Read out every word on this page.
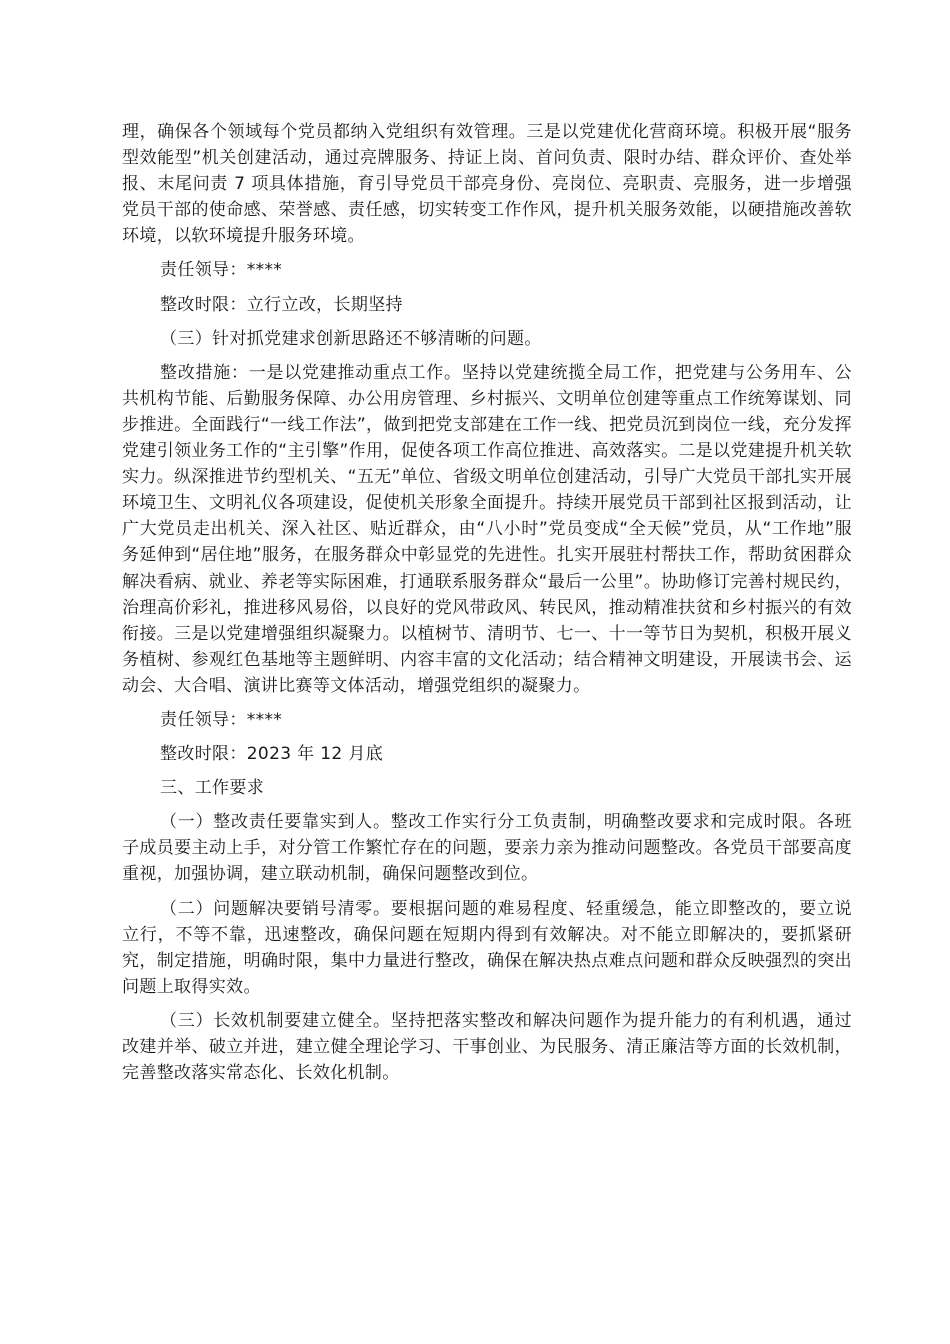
理，确保各个领域每个党员都纳入党组织有效管理。三是以党建优化营商环境。积极开展“服务型效能型”机关创建活动，通过亮牌服务、持证上岗、首问负责、限时办结、群众评价、查处举报、末尾问责 7 项具体措施，育引导党员干部亮身份、亮岗位、亮职责、亮服务，进一步增强党员干部的使命感、荣誉感、责任感，切实转变工作作风，提升机关服务效能，以硬措施改善软环境，以软环境提升服务环境。

责任领导：****

整改时限：立行立改，长期坚持

（三）针对抓党建求创新思路还不够清晰的问题。

整改措施：一是以党建推动重点工作。坚持以党建统揽全局工作，把党建与公务用车、公共机构节能、后勤服务保障、办公用房管理、乡村振兴、文明单位创建等重点工作统筹谋划、同步推进。全面践行“一线工作法”，做到把党支部建在工作一线、把党员沉到岗位一线，充分发挥党建引领业务工作的“主引擎”作用，促使各项工作高位推进、高效落实。二是以党建提升机关软实力。纵深推进节约型机关、“五无”单位、省级文明单位创建活动，引导广大党员干部扎实开展环境卫生、文明礼仪各项建设，促使机关形象全面提升。持续开展党员干部到社区报到活动，让广大党员走出机关、深入社区、贴近群众，由“八小时”党员变成“全天候”党员，从“工作地”服务延伸到“居住地”服务，在服务群众中彰显党的先进性。扎实开展驻村帮扶工作，帮助贫困群众解决看病、就业、养老等实际困难，打通联系服务群众“最后一公里”。协助修订完善村规民约，治理高价彩礼，推进移风易俗，以良好的党风带政风、转民风，推动精准扶贫和乡村振兴的有效衔接。三是以党建增强组织凝聚力。以植树节、清明节、七一、十一等节日为契机，积极开展义务植树、参观红色基地等主题鲜明、内容丰富的文化活动；结合精神文明建设，开展读书会、运动会、大合唱、演讲比赛等文体活动，增强党组织的凝聚力。

责任领导：****

整改时限：2023 年 12 月底

三、工作要求

（一）整改责任要靠实到人。整改工作实行分工负责制，明确整改要求和完成时限。各班子成员要主动上手，对分管工作繁忙存在的问题，要亲力亲为推动问题整改。各党员干部要高度重视，加强协调，建立联动机制，确保问题整改到位。

（二）问题解决要销号清零。要根据问题的难易程度、轻重缓急，能立即整改的，要立说立行，不等不靠，迅速整改，确保问题在短期内得到有效解决。对不能立即解决的，要抓紧研究，制定措施，明确时限，集中力量进行整改，确保在解决热点难点问题和群众反映强烈的突出问题上取得实效。

（三）长效机制要建立健全。坚持把落实整改和解决问题作为提升能力的有利机遇，通过改建并举、破立并进，建立健全理论学习、干事创业、为民服务、清正廉洁等方面的长效机制，完善整改落实常态化、长效化机制。
